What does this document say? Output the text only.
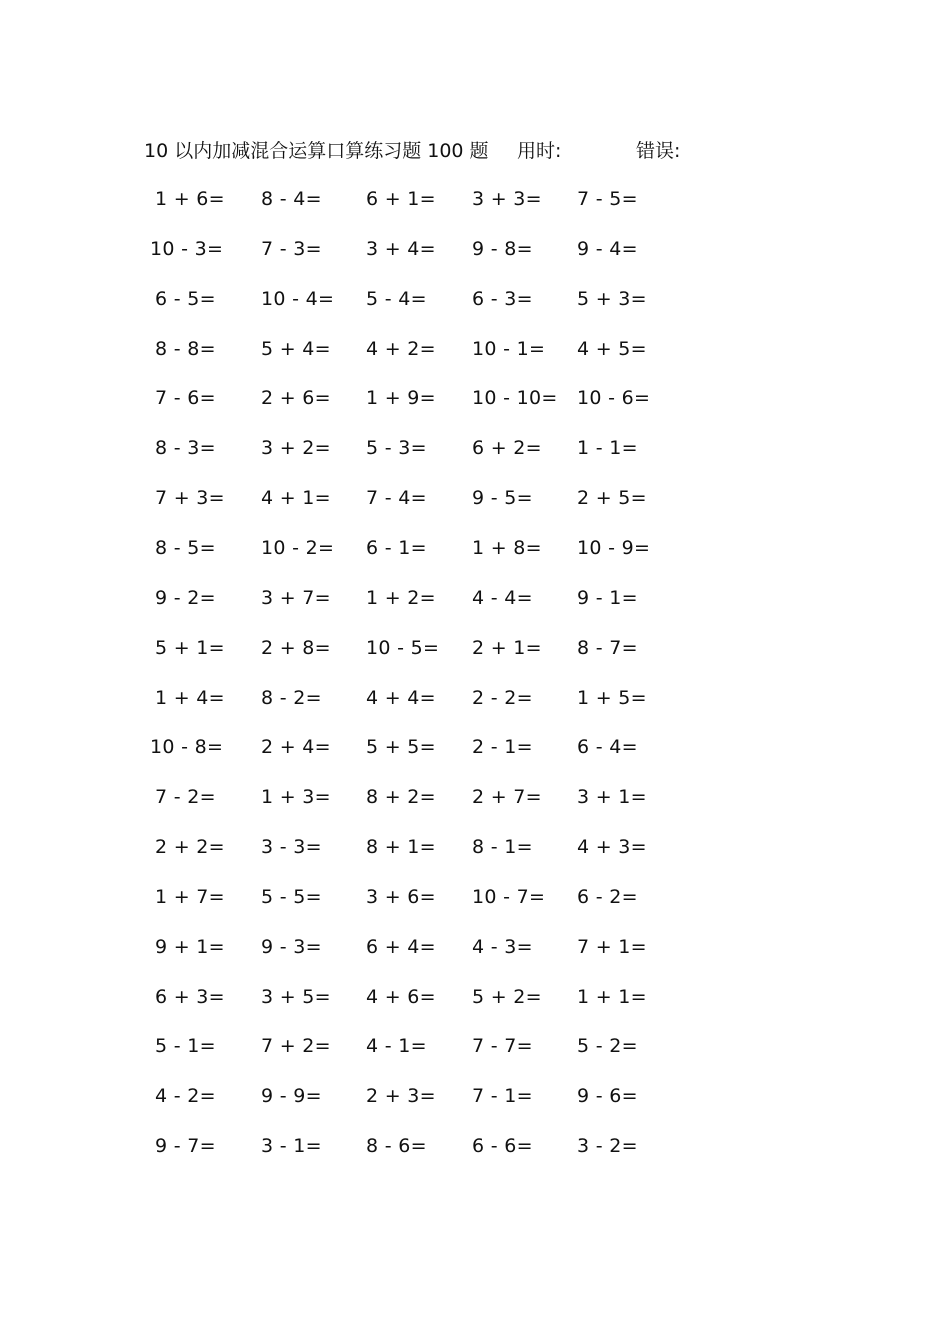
10 以内加减混合运算口算练习题 100 题 用时:	错误:
1 + 6= 8 - 4= 6 + 1= 3 + 3= 7 - 5=
10 - 3= 7 - 3= 3 + 4= 9 - 8= 9 - 4=
6 - 5= 10 - 4= 5 - 4= 6 - 3= 5 + 3=
8 - 8= 5 + 4= 4 + 2= 10 - 1= 4 + 5=
7 - 6= 2 + 6= 1 + 9= 10 - 10= 10 - 6=
8 - 3= 3 + 2= 5 - 3= 6 + 2= 1 - 1=
7 + 3= 4 + 1= 7 - 4= 9 - 5= 2 + 5=
8 - 5= 10 - 2= 6 - 1= 1 + 8= 10 - 9=
9 - 2= 3 + 7= 1 + 2= 4 - 4= 9 - 1=
5 + 1= 2 + 8= 10 - 5= 2 + 1= 8 - 7=
1 + 4= 8 - 2= 4 + 4= 2 - 2= 1 + 5=
10 - 8= 2 + 4= 5 + 5= 2 - 1= 6 - 4=
7 - 2= 1 + 3= 8 + 2= 2 + 7= 3 + 1=
2 + 2= 3 - 3= 8 + 1= 8 - 1= 4 + 3=
1 + 7= 5 - 5= 3 + 6= 10 - 7= 6 - 2=
9 + 1= 9 - 3= 6 + 4= 4 - 3= 7 + 1=
6 + 3= 3 + 5= 4 + 6= 5 + 2= 1 + 1=
5 - 1= 7 + 2= 4 - 1= 7 - 7= 5 - 2=
4 - 2= 9 - 9= 2 + 3= 7 - 1= 9 - 6=
9 - 7= 3 - 1= 8 - 6= 6 - 6= 3 - 2=
